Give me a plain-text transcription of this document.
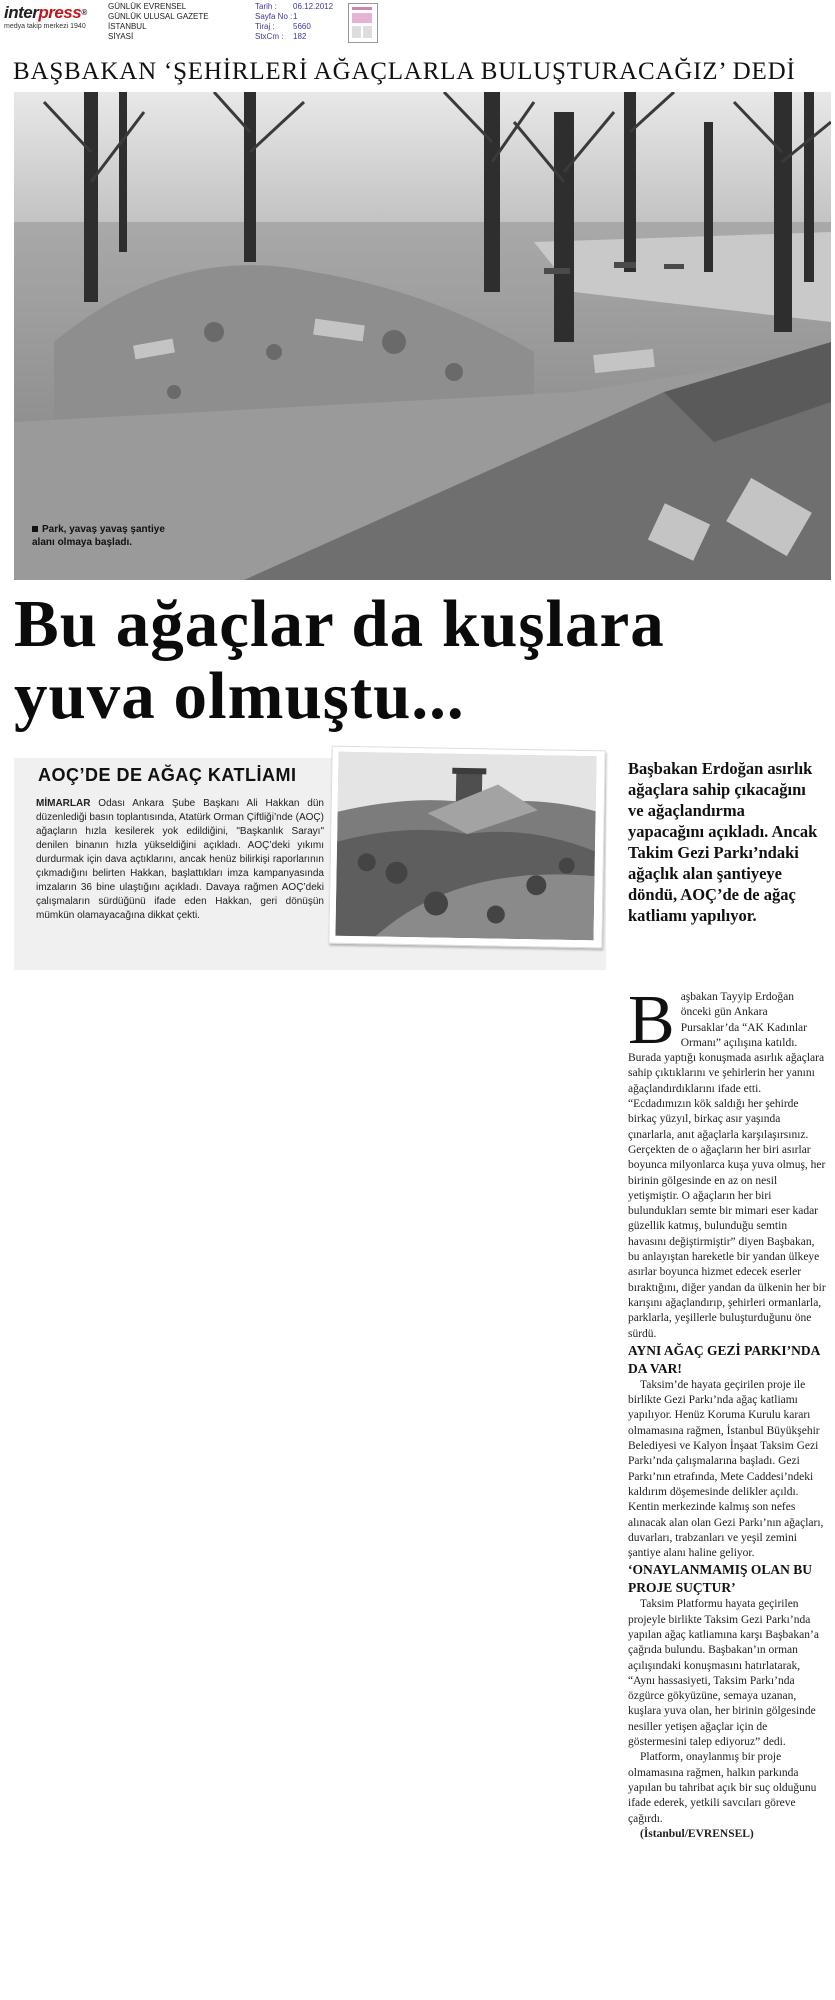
interpress®
medya takip merkezi 1940
GÜNLÜK EVRENSEL
GÜNLÜK ULUSAL GAZETE
İSTANBUL
SİYASİ
Tarih :	06.12.2012
Sayfa No : 1
Tiraj :	5660
StxCm :	182
BAŞBAKAN ‘ŞEHİRLERİ AĞAÇLARLA BULUŞTURACAĞIZ’ DEDİ
Park, yavaş yavaş şantiye
alanı olmaya başladı.
Bu ağaçlar da kuşlara
yuva olmuştu...
AOÇ’DE DE AĞAÇ KATLİAMI
MİMARLAR Odası Ankara Şube Başkanı Ali Hakkan dün düzenlediği basın toplantısında, Atatürk Orman Çiftliği’nde (AOÇ) ağaçların hızla kesilerek yok edildiğini, "Başkanlık Sarayı" denilen binanın hızla yükseldiğini açıkladı. AOÇ’deki yıkımı durdurmak için dava açtıklarını, ancak henüz bilirkişi raporlarının çıkmadığını belirten Hakkan, başlattıkları imza kampanyasında imzaların 36 bine ulaştığını açıkladı. Davaya rağmen AOÇ’deki çalışmaların sürdüğünü ifade eden Hakkan, geri dönüşün mümkün olamayacağına dikkat çekti.
Başbakan Erdoğan asırlık ağaçlara sahip çıkacağını ve ağaçlandırma yapacağını açıkladı. Ancak Takim Gezi Parkı’ndaki ağaçlık alan şantiyeye döndü, AOÇ’de de ağaç katliamı yapılıyor.

Başbakan Tayyip Erdoğan önceki gün Ankara Pursaklar’da “AK Kadınlar Ormanı” açılışına katıldı. Burada yaptığı konuşmada asırlık ağaçlara sahip çıktıklarını ve şehirlerin her yanını ağaçlandırdıklarını ifade etti. “Ecdadımızın kök saldığı her şehirde birkaç yüzyıl, birkaç asır yaşında çınarlarla, anıt ağaçlarla karşılaşırsınız. Gerçekten de o ağaçların her biri asırlar boyunca milyonlarca kuşa yuva olmuş, her birinin gölgesinde en az on nesil yetişmiştir. O ağaçların her biri bulundukları semte bir mimari eser kadar güzellik katmış, bulunduğu semtin havasını değiştirmiştir” diyen Başbakan, bu anlayıştan hareketle bir yandan ülkeye asırlar boyunca hizmet edecek eserler bıraktığını, diğer yandan da ülkenin her bir karışını ağaçlandırıp, şehirleri ormanlarla, parklarla, yeşillerle buluşturduğunu öne sürdü.

AYNI AĞAÇ GEZİ PARKI’NDA DA VAR!

Taksim’de hayata geçirilen proje ile birlikte Gezi Parkı’nda ağaç katliamı yapılıyor. Henüz Koruma Kurulu kararı olmamasına rağmen, İstanbul Büyükşehir Belediyesi ve Kalyon İnşaat Taksim Gezi Parkı’nda çalışmalarına başladı. Gezi Parkı’nın etrafında, Mete Caddesi’ndeki kaldırım döşemesinde delikler açıldı. Kentin merkezinde kalmış son nefes alınacak alan olan Gezi Parkı’nın ağaçları, duvarları, trabzanları ve yeşil zemini şantiye alanı haline geliyor.

‘ONAYLANMAMIŞ OLAN BU PROJE SUÇTUR’

Taksim Platformu hayata geçirilen projeyle birlikte Taksim Gezi Parkı’nda yapılan ağaç katliamına karşı Başbakan’a çağrıda bulundu. Başbakan’ın orman açılışındaki konuşmasını hatırlatarak, “Aynı hassasiyeti, Taksim Parkı’nda özgürce gökyüzüne, semaya uzanan, kuşlara yuva olan, her birinin gölgesinde nesiller yetişen ağaçlar için de göstermesini talep ediyoruz” dedi.

Platform, onaylanmış bir proje olmamasına rağmen, halkın parkında yapılan bu tahribat açık bir suç olduğunu ifade ederek, yetkili savcıları göreve çağırdı.

(İstanbul/EVRENSEL)
